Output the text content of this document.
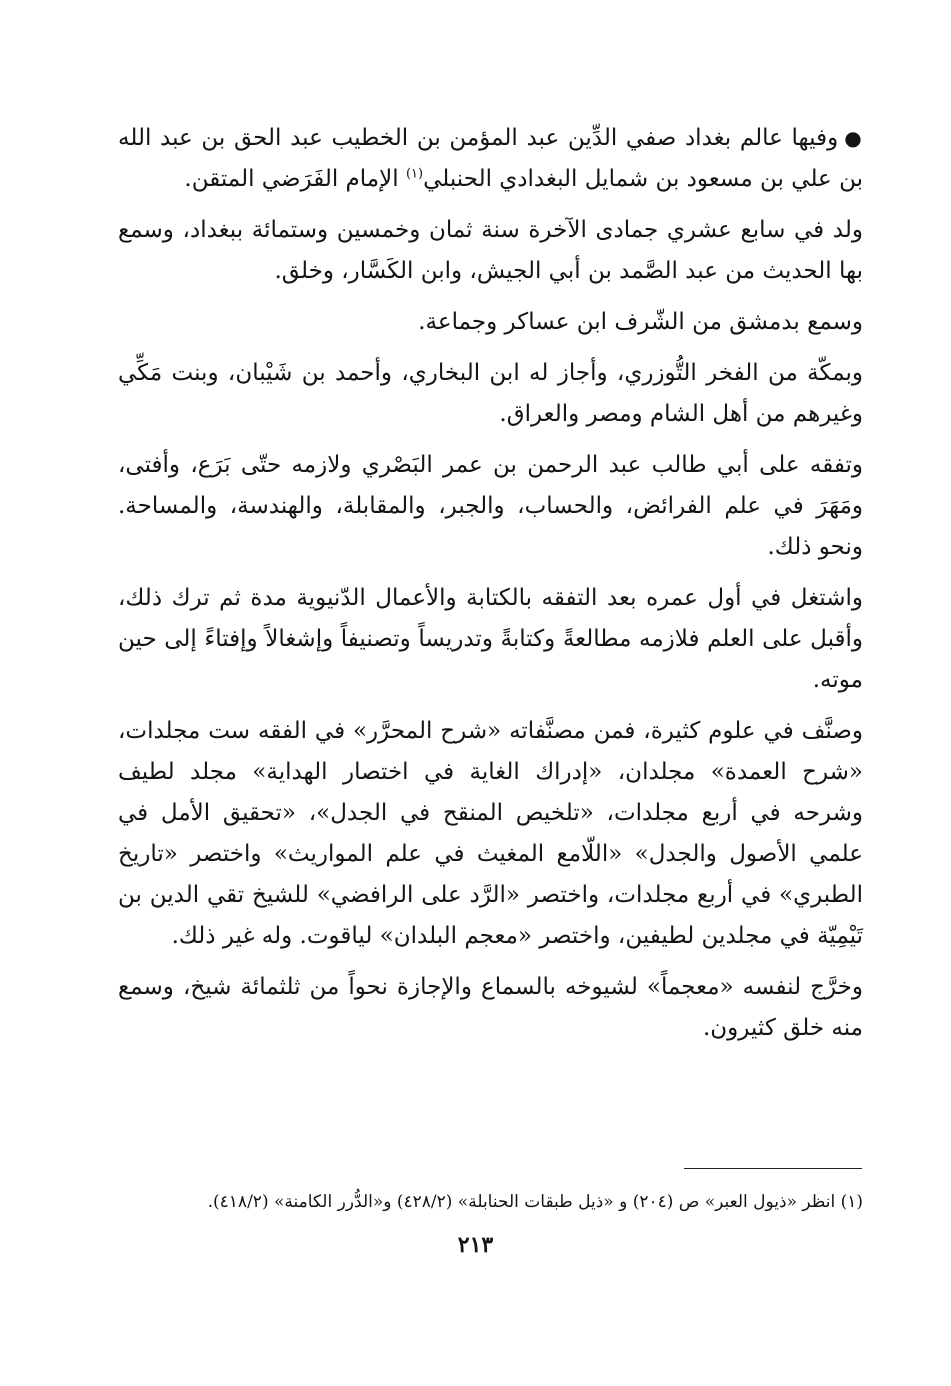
●وفيها عالم بغداد صفي الدِّين عبد المؤمن بن الخطيب عبد الحق بن عبد الله بن علي بن مسعود بن شمايل البغدادي الحنبلي$^{(١)}$ الإمام الفَرَضي المتقن.

ولد في سابع عشري جمادى الآخرة سنة ثمان وخمسين وستمائة ببغداد، وسمع بها الحديث من عبد الصَّمد بن أبي الجيش، وابن الكَسَّار، وخلق.

وسمع بدمشق من الشّرف ابن عساكر وجماعة.

وبمكّة من الفخر التُّوزري، وأجاز له ابن البخاري، وأحمد بن شَيْبان، وبنت مَكِّي وغيرهم من أهل الشام ومصر والعراق.

وتفقه على أبي طالب عبد الرحمن بن عمر البَصْري ولازمه حتّى بَرَع، وأفتى، ومَهَرَ في علم الفرائض، والحساب، والجبر، والمقابلة، والهندسة، والمساحة. ونحو ذلك.

واشتغل في أول عمره بعد التفقه بالكتابة والأعمال الدّنيوية مدة ثم ترك ذلك، وأقبل على العلم فلازمه مطالعةً وكتابةً وتدريساً وتصنيفاً وإشغالاً وإفتاءً إلى حين موته.

وصنَّف في علوم كثيرة، فمن مصنَّفاته «شرح المحرَّر» في الفقه ست مجلدات، «شرح العمدة» مجلدان، «إدراك الغاية في اختصار الهداية» مجلد لطيف وشرحه في أربع مجلدات، «تلخيص المنقح في الجدل»، «تحقيق الأمل في علمي الأصول والجدل» «اللّامع المغيث في علم المواريث» واختصر «تاريخ الطبري» في أربع مجلدات، واختصر «الرَّد على الرافضي» للشيخ تقي الدين بن تَيْمِيّة في مجلدين لطيفين، واختصر «معجم البلدان» لياقوت. وله غير ذلك.

وخرَّج لنفسه «معجماً» لشيوخه بالسماع والإجازة نحواً من ثلثمائة شيخ، وسمع منه خلق كثيرون.

(١) انظر «ذيول العبر» ص (٢٠٤) و «ذيل طبقات الحنابلة» (٤٢٨/٢) و«الدُّرر الكامنة» (٤١٨/٢).

٢١٣
